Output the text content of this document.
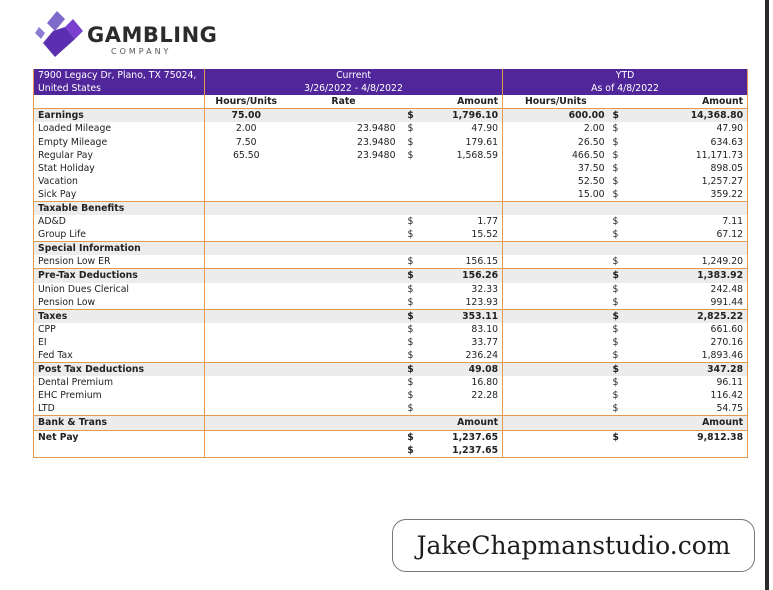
GAMBLING
COMPANY
7900 Legacy Dr, Plano, TX 75024,	Current				YTD		
United States	3/26/2022 - 4/8/2022				As of 4/8/2022		
	Hours/Units	Rate		Amount	Hours/Units		Amount
Earnings	75.00		$	1,796.10	600.00	$	14,368.80
Loaded Mileage	2.00	23.9480	$	47.90	2.00	$	47.90
Empty Mileage	7.50	23.9480	$	179.61	26.50	$	634.63
Regular Pay	65.50	23.9480	$	1,568.59	466.50	$	11,171.73
Stat Holiday					37.50	$	898.05
Vacation					52.50	$	1,257.27
Sick Pay					15.00	$	359.22
Taxable Benefits							
AD&D			$	1.77		$	7.11
Group Life			$	15.52		$	67.12
Special Information							
Pension Low ER			$	156.15		$	1,249.20
Pre-Tax Deductions			$	156.26		$	1,383.92
Union Dues Clerical			$	32.33		$	242.48
Pension Low			$	123.93		$	991.44
Taxes			$	353.11		$	2,825.22
CPP			$	83.10		$	661.60
EI			$	33.77		$	270.16
Fed Tax			$	236.24		$	1,893.46
Post Tax Deductions			$	49.08		$	347.28
Dental Premium			$	16.80		$	96.11
EHC Premium			$	22.28		$	116.42
LTD			$			$	54.75
Bank & Trans				Amount			Amount
Net Pay			$	1,237.65		$	9,812.38
			$	1,237.65			
JakeChapmanstudio.com
